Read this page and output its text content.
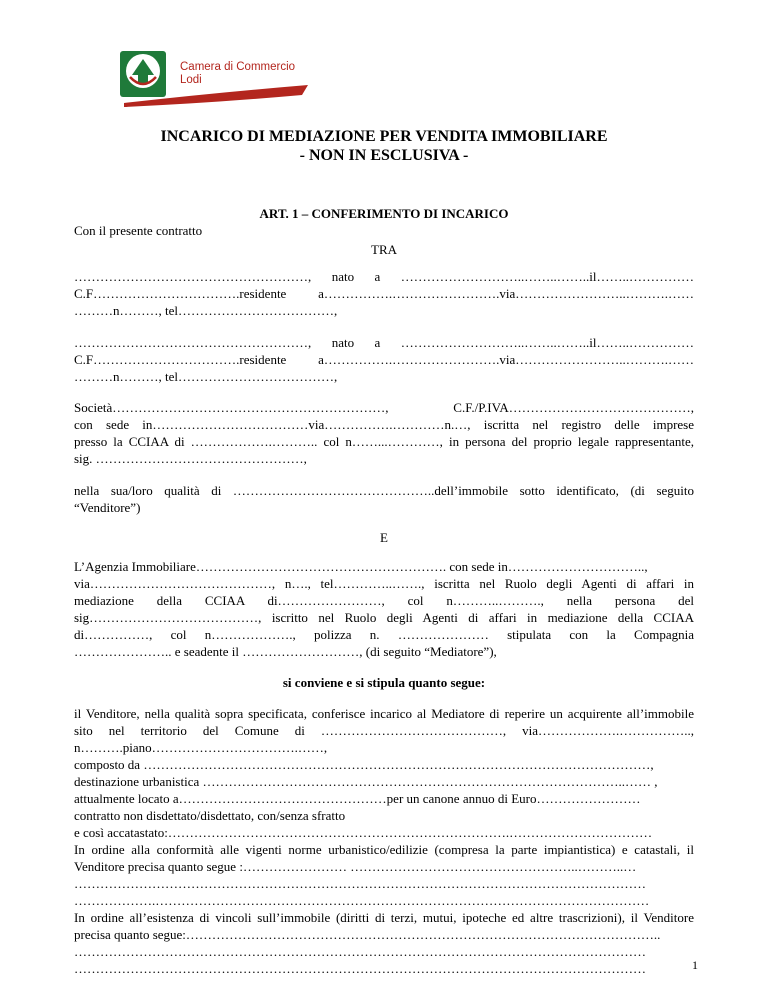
Camera di Commercio
Lodi
INCARICO DI MEDIAZIONE PER VENDITA IMMOBILIARE
- NON IN ESCLUSIVA -
ART. 1 – CONFERIMENTO DI INCARICO
Con il presente contratto
TRA
………………………………………………, nato a ………………………..……..……..il……..……………
C.F…………………………….residente a…………….…………………….via……………………..……….……
………n………, tel………………………………,
………………………………………………, nato a ………………………..……..……..il……..……………
C.F…………………………….residente a…………….…………………….via……………………..……….……
………n………, tel………………………………,
Società………………………………………………………, C.F./P.IVA……………………………………,
con sede in………………………………via…………….…………n.…, iscritta nel registro delle imprese
presso la CCIAA di ……………….……….. col n……...…………, in persona del proprio legale rappresentante,
sig. …………………………………………,
nella sua/loro qualità di ………………………………………..dell’immobile sotto identificato, (di seguito
“Venditore”)
E
L’Agenzia Immobiliare…………………………………………………. con sede in…………………………..,
via……………………………………, n…., tel…………..……., iscritta nel Ruolo degli Agenti di affari in
mediazione della CCIAA di……………………, col n………..………., nella persona del
sig…………………………………, iscritto nel Ruolo degli Agenti di affari in mediazione della CCIAA
di……………, col n………………., polizza n. ………………… stipulata con la Compagnia
………………….. e seadente il ………………………, (di seguito “Mediatore”),
si conviene e si stipula quanto segue:
il Venditore, nella qualità sopra specificata, conferisce incarico al Mediatore di reperire un acquirente all’immobile
sito nel territorio del Comune di ……………………………………, via……………….……………..,
n……….piano…………………………….……,
composto da ………………………………………………………………………………………………………,
destinazione urbanistica ……………………………………………………………………………………..…… ,
attualmente locato a…………………………………………per un canone annuo di Euro……………………
contratto non disdettato/disdettato, con/senza sfratto
e così accatastato:…………………………………………………………………….……………………………
In ordine alla conformità alle vigenti norme urbanistico/edilizie (compresa la parte impiantistica) e catastali, il
Venditore precisa quanto segue :…………………… ……………………………………………..………..…
……………………………………………………………………………………………………………………
……………….……………………………………………………………………………………………………
In ordine all’esistenza di vincoli sull’immobile (diritti di terzi, mutui, ipoteche ed altre trascrizioni), il Venditore
precisa quanto segue:………………………………………………………………………………………………..
……………………………………………………………………………………………………………………
……………………………………………………………………………………………………………………	1
